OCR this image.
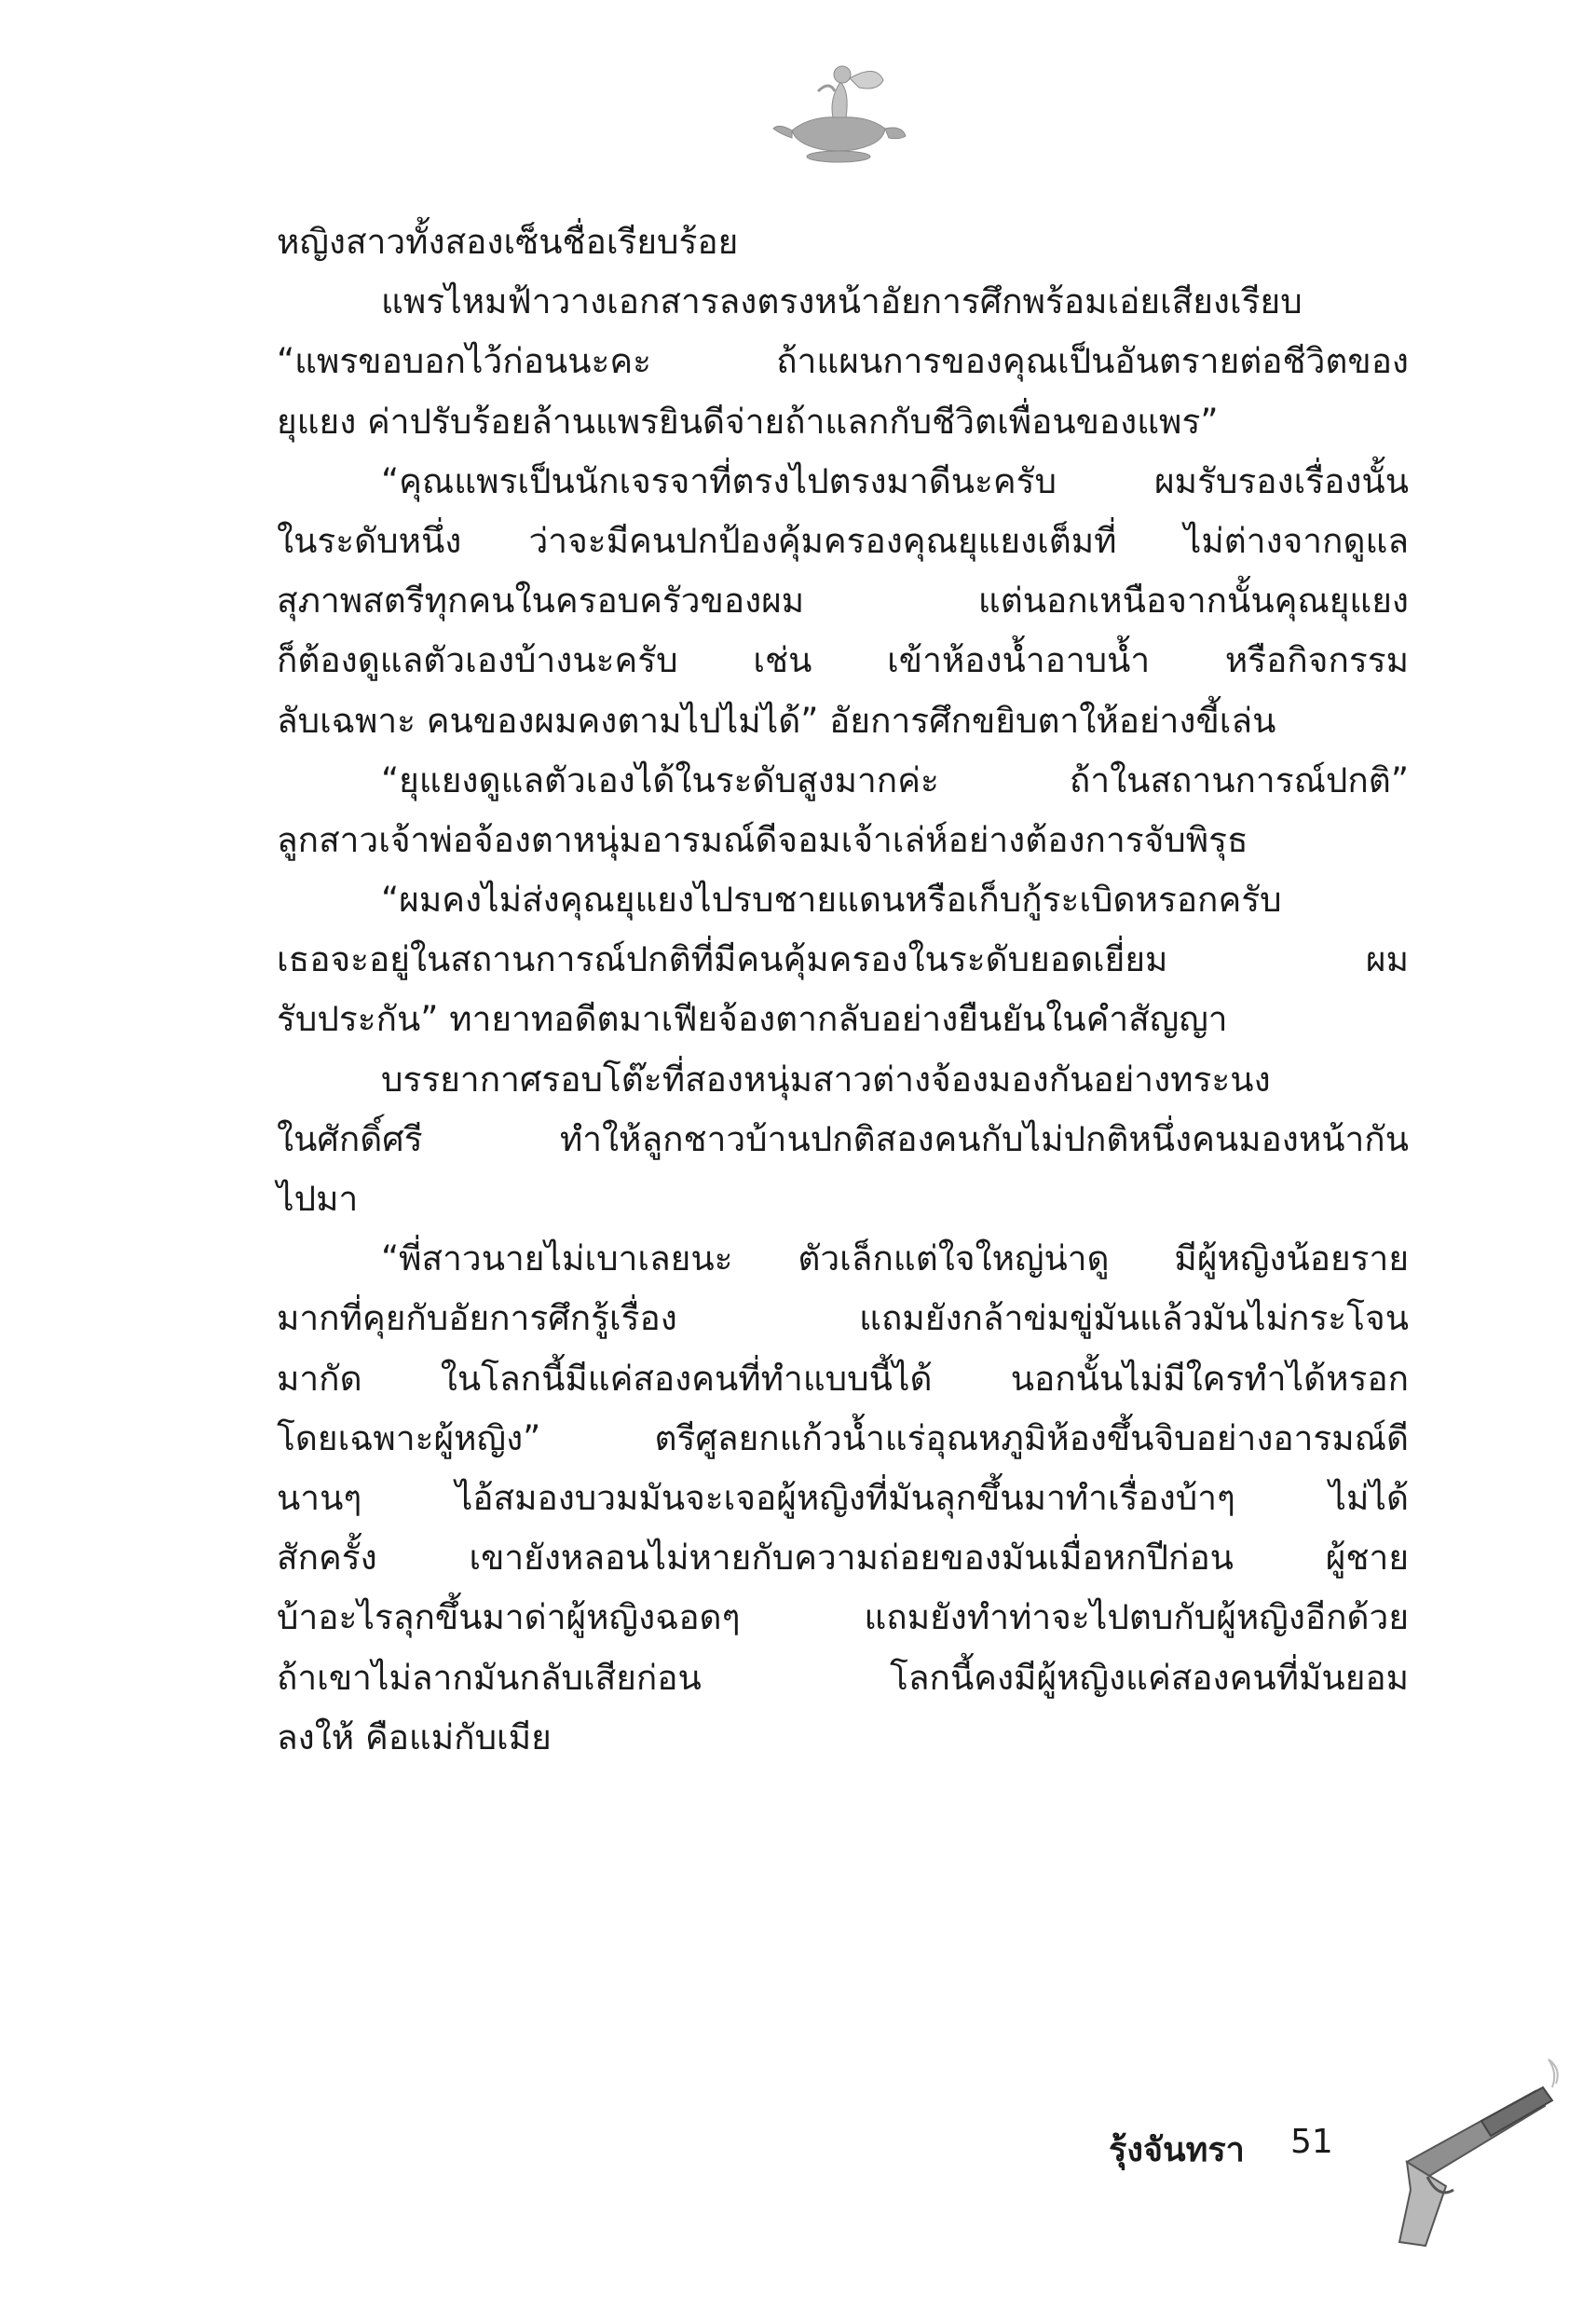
หญิงสาวทั้งสองเซ็นชื่อเรียบร้อย
แพรไหมฟ้าวางเอกสารลงตรงหน้าอัยการศึกพร้อมเอ่ยเสียงเรียบ
“แพรขอบอกไว้ก่อนนะคะ ถ้าแผนการของคุณเป็นอันตรายต่อชีวิตของ
ยุแยง ค่าปรับร้อยล้านแพรยินดีจ่ายถ้าแลกกับชีวิตเพื่อนของแพร”
“คุณแพรเป็นนักเจรจาที่ตรงไปตรงมาดีนะครับ ผมรับรองเรื่องนั้น
ในระดับหนึ่ง ว่าจะมีคนปกป้องคุ้มครองคุณยุแยงเต็มที่ ไม่ต่างจากดูแล
สุภาพสตรีทุกคนในครอบครัวของผม แต่นอกเหนือจากนั้นคุณยุแยง
ก็ต้องดูแลตัวเองบ้างนะครับ เช่น เข้าห้องน้ำอาบน้ำ หรือกิจกรรม
ลับเฉพาะ คนของผมคงตามไปไม่ได้” อัยการศึกขยิบตาให้อย่างขี้เล่น
“ยุแยงดูแลตัวเองได้ในระดับสูงมากค่ะ ถ้าในสถานการณ์ปกติ”
ลูกสาวเจ้าพ่อจ้องตาหนุ่มอารมณ์ดีจอมเจ้าเล่ห์อย่างต้องการจับพิรุธ
“ผมคงไม่ส่งคุณยุแยงไปรบชายแดนหรือเก็บกู้ระเบิดหรอกครับ
เธอจะอยู่ในสถานการณ์ปกติที่มีคนคุ้มครองในระดับยอดเยี่ยม ผม
รับประกัน” ทายาทอดีตมาเฟียจ้องตากลับอย่างยืนยันในคำสัญญา
บรรยากาศรอบโต๊ะที่สองหนุ่มสาวต่างจ้องมองกันอย่างทระนง
ในศักดิ์ศรี ทำให้ลูกชาวบ้านปกติสองคนกับไม่ปกติหนึ่งคนมองหน้ากัน
ไปมา
“พี่สาวนายไม่เบาเลยนะ ตัวเล็กแต่ใจใหญ่น่าดู มีผู้หญิงน้อยราย
มากที่คุยกับอัยการศึกรู้เรื่อง แถมยังกล้าข่มขู่มันแล้วมันไม่กระโจน
มากัด ในโลกนี้มีแค่สองคนที่ทำแบบนี้ได้ นอกนั้นไม่มีใครทำได้หรอก
โดยเฉพาะผู้หญิง” ตรีศูลยกแก้วน้ำแร่อุณหภูมิห้องขึ้นจิบอย่างอารมณ์ดี
นานๆ ไอ้สมองบวมมันจะเจอผู้หญิงที่มันลุกขึ้นมาทำเรื่องบ้าๆ ไม่ได้
สักครั้ง เขายังหลอนไม่หายกับความถ่อยของมันเมื่อหกปีก่อน ผู้ชาย
บ้าอะไรลุกขึ้นมาด่าผู้หญิงฉอดๆ แถมยังทำท่าจะไปตบกับผู้หญิงอีกด้วย
ถ้าเขาไม่ลากมันกลับเสียก่อน โลกนี้คงมีผู้หญิงแค่สองคนที่มันยอม
ลงให้ คือแม่กับเมีย
รุ้งจันทรา 51
